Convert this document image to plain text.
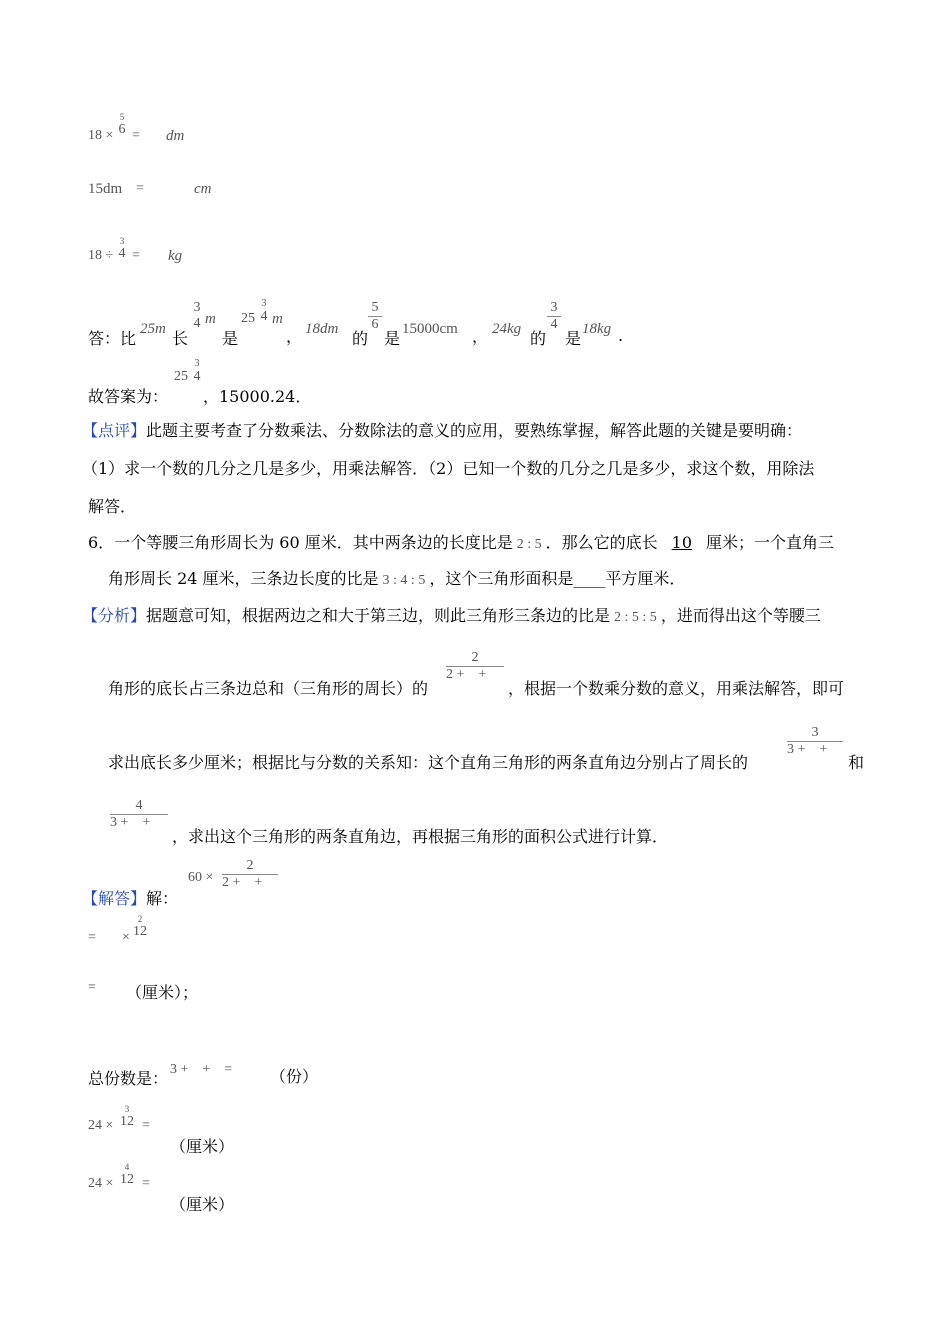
18 ×
5
6 = dm
15dm =	cm
18 ÷
3
4 = kg
答：比 25m 长
3
4 m
是
25
3
4 m
， 18dm 的
$\frac{5}{6}$
是 15000cm ， 24kg 的
$\frac{3}{4}$
是 18kg .
故答案为：
25
3
4
，15000.24．
【点评】此题主要考查了分数乘法、分数除法的意义的应用，要熟练掌握，解答此题的关键是要明确：
（1）求一个数的几分之几是多少，用乘法解答．（2）已知一个数的几分之几是多少，求这个数，用除法
解答．
6．一个等腰三角形周长为 60 厘米．其中两条边的长度比是 2 : 5 ．那么它的底长 10 厘米；一个直角三
角形周长 24 厘米，三条边长度的比是 3 : 4 : 5 ，这个三角形面积是____平方厘米．
【分析】据题意可知，根据两边之和大于第三边，则此三角形三条边的比是 2 : 5 : 5 ，进而得出这个等腰三
角形的底长占三条边总和（三角形的周长）的
$\frac{2}{2 + +}$
，根据一个数乘分数的意义，用乘法解答，即可
求出底长多少厘米；根据比与分数的关系知：这个直角三角形的两条直角边分别占了周长的
$\frac{3}{3 + +}$
和
$\frac{4}{3 + +}$
，求出这个三角形的两条直角边，再根据三角形的面积公式进行计算．
【解答】解：
$60 \times \frac{2}{2 + +}$
= ×
2
12
= （厘米）；
总份数是： 3 +    +    = （份）
24 ×
3
12 =
（厘米）
24 ×
4
12 =
（厘米）
